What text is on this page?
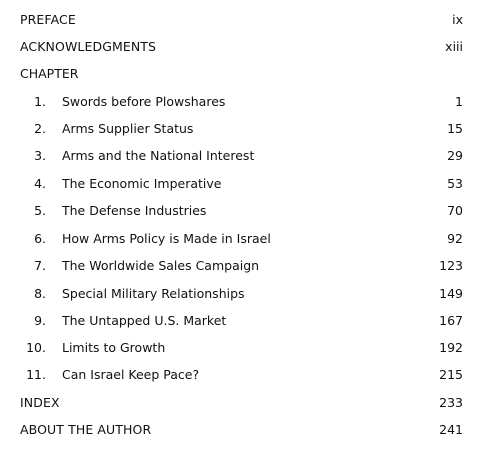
PREFACE	ix
ACKNOWLEDGMENTS	xiii
CHAPTER
1. Swords before Plowshares	1
2. Arms Supplier Status	15
3. Arms and the National Interest	29
4. The Economic Imperative	53
5. The Defense Industries	70
6. How Arms Policy is Made in Israel	92
7. The Worldwide Sales Campaign	123
8. Special Military Relationships	149
9. The Untapped U.S. Market	167
10. Limits to Growth	192
11. Can Israel Keep Pace?	215
INDEX	233
ABOUT THE AUTHOR	241
